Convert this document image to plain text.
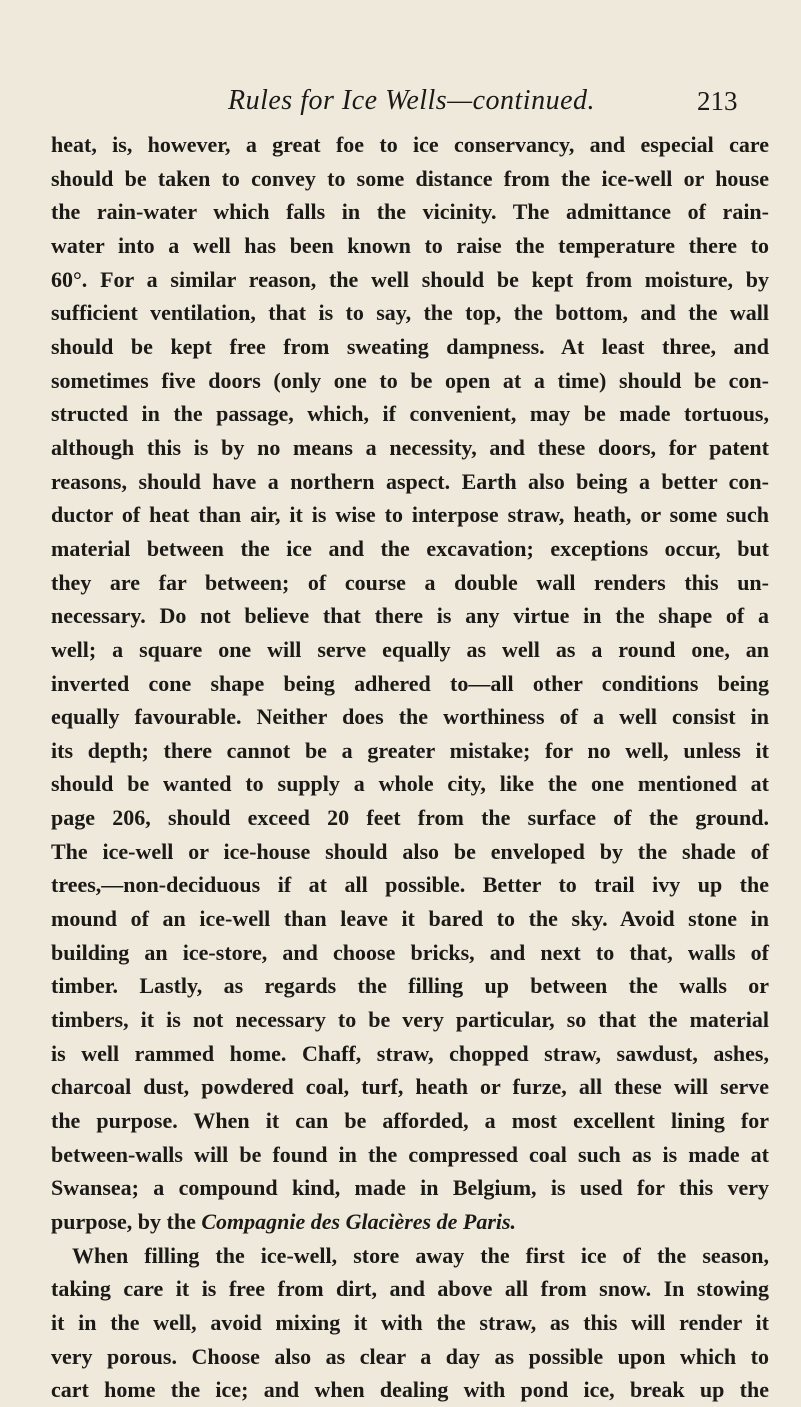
Rules for Ice Wells—continued.	213
heat, is, however, a great foe to ice conservancy, and especial care
should be taken to convey to some distance from the ice-well or house
the rain-water which falls in the vicinity. The admittance of rain-
water into a well has been known to raise the temperature there to
60°. For a similar reason, the well should be kept from moisture, by
sufficient ventilation, that is to say, the top, the bottom, and the wall
should be kept free from sweating dampness. At least three, and
sometimes five doors (only one to be open at a time) should be con-
structed in the passage, which, if convenient, may be made tortuous,
although this is by no means a necessity, and these doors, for patent
reasons, should have a northern aspect. Earth also being a better con-
ductor of heat than air, it is wise to interpose straw, heath, or some such
material between the ice and the excavation; exceptions occur, but
they are far between; of course a double wall renders this un-
necessary. Do not believe that there is any virtue in the shape of a
well; a square one will serve equally as well as a round one, an
inverted cone shape being adhered to—all other conditions being
equally favourable. Neither does the worthiness of a well consist in
its depth; there cannot be a greater mistake; for no well, unless it
should be wanted to supply a whole city, like the one mentioned at
page 206, should exceed 20 feet from the surface of the ground.
The ice-well or ice-house should also be enveloped by the shade of
trees,—non-deciduous if at all possible. Better to trail ivy up the
mound of an ice-well than leave it bared to the sky. Avoid stone in
building an ice-store, and choose bricks, and next to that, walls of
timber. Lastly, as regards the filling up between the walls or
timbers, it is not necessary to be very particular, so that the material
is well rammed home. Chaff, straw, chopped straw, sawdust, ashes,
charcoal dust, powdered coal, turf, heath or furze, all these will serve
the purpose. When it can be afforded, a most excellent lining for
between-walls will be found in the compressed coal such as is made at
Swansea; a compound kind, made in Belgium, is used for this very
purpose, by the Compagnie des Glacières de Paris.
When filling the ice-well, store away the first ice of the season,
taking care it is free from dirt, and above all from snow. In stowing
it in the well, avoid mixing it with the straw, as this will render it
very porous. Choose also as clear a day as possible upon which to
cart home the ice; and when dealing with pond ice, break up the
